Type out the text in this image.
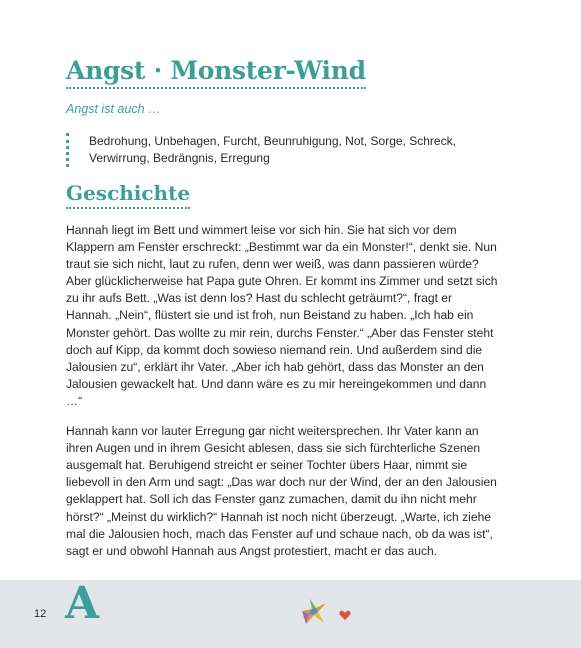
Angst · Monster-Wind
Angst ist auch …
Bedrohung, Unbehagen, Furcht, Beunruhigung, Not, Sorge, Schreck, Verwirrung, Bedrängnis, Erregung
Geschichte

Hannah liegt im Bett und wimmert leise vor sich hin. Sie hat sich vor dem Klappern am Fenster erschreckt: „Bestimmt war da ein Monster!“, denkt sie. Nun traut sie sich nicht, laut zu rufen, denn wer weiß, was dann passieren würde? Aber glücklicherweise hat Papa gute Ohren. Er kommt ins Zimmer und setzt sich zu ihr aufs Bett. „Was ist denn los? Hast du schlecht geträumt?“, fragt er Hannah. „Nein“, flüstert sie und ist froh, nun Beistand zu haben. „Ich hab ein Monster gehört. Das wollte zu mir rein, durchs Fenster.“ „Aber das Fenster steht doch auf Kipp, da kommt doch sowieso niemand rein. Und außerdem sind die Jalousien zu“, erklärt ihr Vater. „Aber ich hab gehört, dass das Monster an den Jalousien gewackelt hat. Und dann wäre es zu mir hereingekommen und dann …“

Hannah kann vor lauter Erregung gar nicht weitersprechen. Ihr Vater kann an ihren Augen und in ihrem Gesicht ablesen, dass sie sich fürchterliche Szenen ausgemalt hat. Beruhigend streicht er seiner Tochter übers Haar, nimmt sie liebevoll in den Arm und sagt: „Das war doch nur der Wind, der an den Jalousien geklappert hat. Soll ich das Fenster ganz zumachen, damit du ihn nicht mehr hörst?“ „Meinst du wirklich?“ Hannah ist noch nicht überzeugt. „Warte, ich ziehe mal die Jalousien hoch, mach das Fenster auf und schaue nach, ob da was ist“, sagt er und obwohl Hannah aus Angst protestiert, macht er das auch.

12 A
